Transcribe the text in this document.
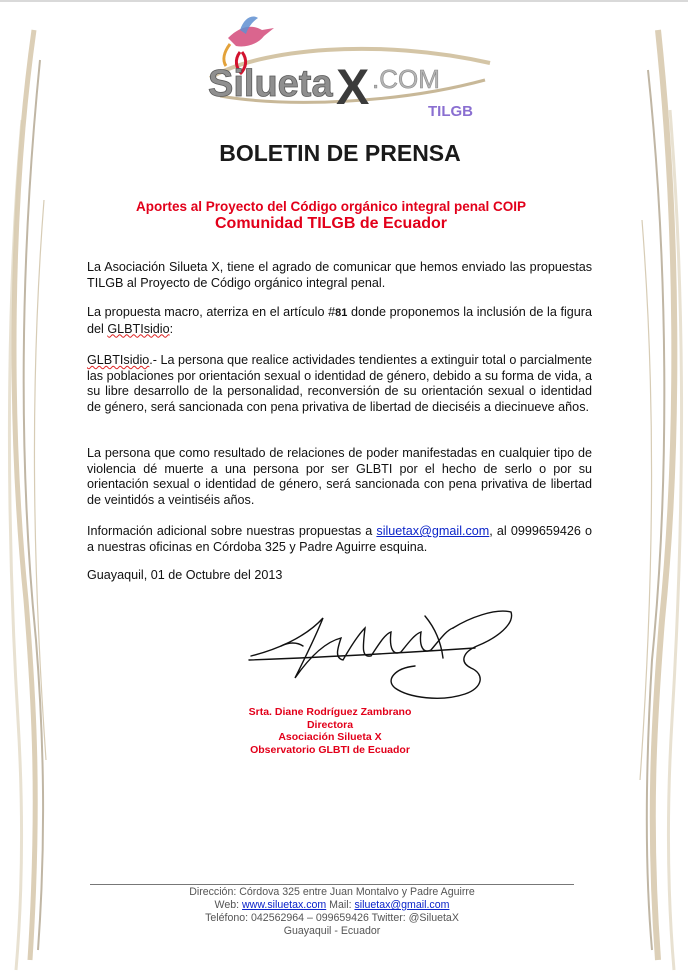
Silueta X .COM
TILGB
BOLETIN DE PRENSA
Aportes al Proyecto del Código orgánico integral penal COIP
Comunidad TILGB de Ecuador
La Asociación Silueta X, tiene el agrado de comunicar que hemos enviado las propuestas TILGB al Proyecto de Código orgánico integral penal.
La propuesta macro, aterriza en el artículo #81 donde proponemos la inclusión de la figura del GLBTIsidio:
GLBTIsidio.- La persona que realice actividades tendientes a extinguir total o parcialmente las poblaciones por orientación sexual o identidad de género, debido a su forma de vida, a su libre desarrollo de la personalidad, reconversión de su orientación sexual o identidad de género, será sancionada con pena privativa de libertad de dieciséis a diecinueve años.
La persona que como resultado de relaciones de poder manifestadas en cualquier tipo de violencia dé muerte a una persona por ser GLBTI por el hecho de serlo o por su orientación sexual o identidad de género, será sancionada con pena privativa de libertad de veintidós a veintiséis años.
Información adicional sobre nuestras propuestas a siluetax@gmail.com, al 0999659426 o a nuestras oficinas en Córdoba 325 y Padre Aguirre esquina.
Guayaquil, 01 de Octubre del 2013
Srta. Diane Rodríguez Zambrano
Directora
Asociación Silueta X
Observatorio GLBTI de Ecuador
Dirección: Córdova 325 entre Juan Montalvo y Padre Aguirre
Web: www.siluetax.com Mail: siluetax@gmail.com
Teléfono: 042562964 – 099659426 Twitter: @SiluetaX
Guayaquil - Ecuador
